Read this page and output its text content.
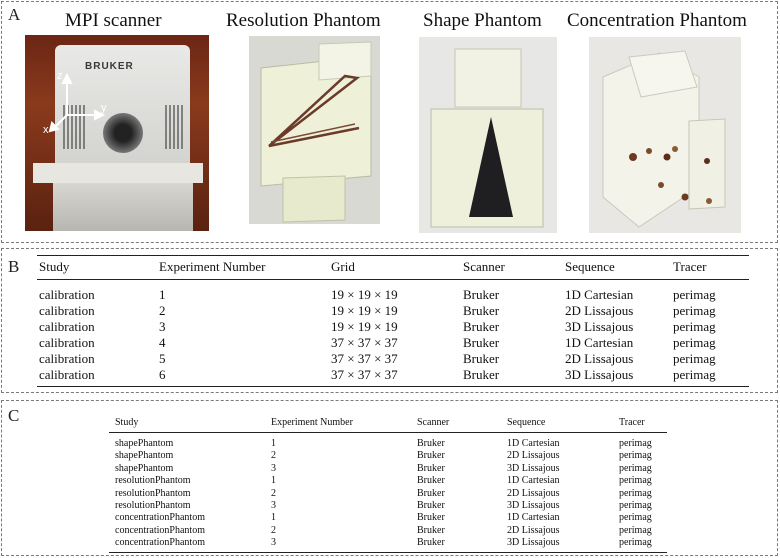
A MPI scanner	Resolution Phantom Shape Phantom Concentration Phantom
BRUKER
z
y
x
B Study	Experiment Number	Grid	Scanner	Sequence	Tracer
calibration	1	19 × 19 × 19	Bruker	1D Cartesian	perimag
calibration	2	19 × 19 × 19	Bruker	2D Lissajous	perimag
calibration	3	19 × 19 × 19	Bruker	3D Lissajous	perimag
calibration	4	37 × 37 × 37	Bruker	1D Cartesian	perimag
calibration	5	37 × 37 × 37	Bruker	2D Lissajous	perimag
calibration	6	37 × 37 × 37	Bruker	3D Lissajous	perimag
C	Study	Experiment Number	Scanner	Sequence	Tracer
shapePhantom	1	Bruker	1D Cartesian	perimag
shapePhantom	2	Bruker	2D Lissajous	perimag
shapePhantom	3	Bruker	3D Lissajous	perimag
resolutionPhantom	1	Bruker	1D Cartesian	perimag
resolutionPhantom	2	Bruker	2D Lissajous	perimag
resolutionPhantom	3	Bruker	3D Lissajous	perimag
concentrationPhantom	1	Bruker	1D Cartesian	perimag
concentrationPhantom	2	Bruker	2D Lissajous	perimag
concentrationPhantom	3	Bruker	3D Lissajous	perimag
